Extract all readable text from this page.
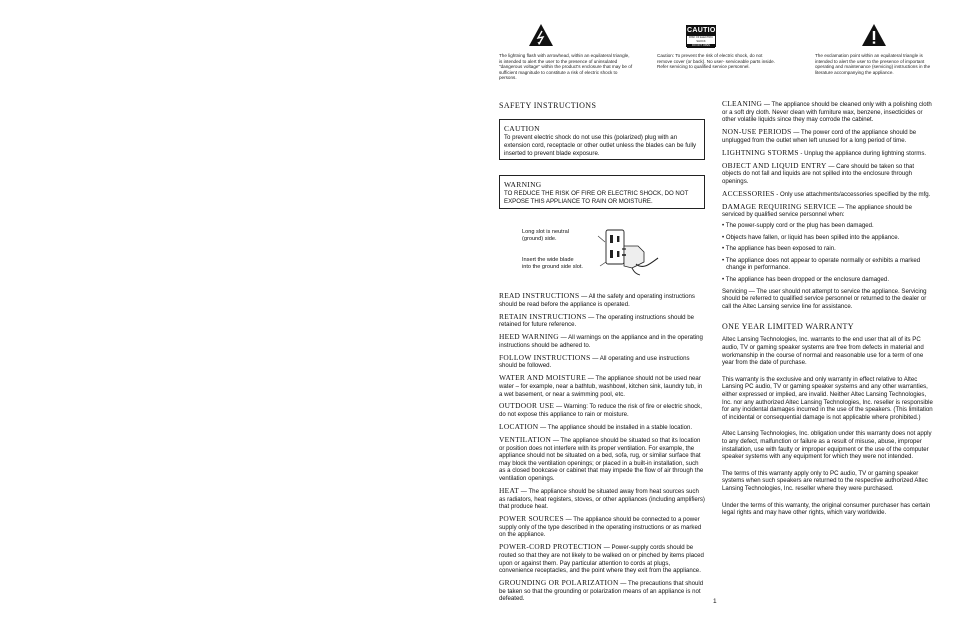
The lightning flash with arrowhead, within an equilateral triangle, is intended to alert the user to the presence of uninsulated "dangerous voltage" within the product's enclosure that may be of sufficient magnitude to constitute a risk of electric shock to persons.
CAUTION
RISK OF ELECTRIC SHOCK
DO NOT OPEN
Caution: To prevent the risk of electric shock, do not remove cover (or back). No user- serviceable parts inside. Refer servicing to qualified service personnel.
The exclamation point within an equilateral triangle is intended to alert the user to the presence of important operating and maintenance (servicing) instructions in the literature accompanying the appliance.
SAFETY INSTRUCTIONS
CAUTION
To prevent electric shock do not use this (polarized) plug with an extension cord, receptacle or other outlet unless the blades can be fully inserted to prevent blade exposure.
WARNING
TO REDUCE THE RISK OF FIRE OR ELECTRIC SHOCK, DO NOT EXPOSE THIS APPLIANCE TO RAIN OR MOISTURE.
Long slot is neutral
(ground) side.
Insert the wide blade
into the ground side slot.

READ INSTRUCTIONS — All the safety and operating instructions should be read before the appliance is operated.

RETAIN INSTRUCTIONS — The operating instructions should be retained for future reference.

HEED WARNING — All warnings on the appliance and in the operating instructions should be adhered to.

FOLLOW INSTRUCTIONS — All operating and use instructions should be followed.

WATER AND MOISTURE — The appliance should not be used near water – for example, near a bathtub, washbowl, kitchen sink, laundry tub, in a wet basement, or near a swimming pool, etc.

OUTDOOR USE — Warning: To reduce the risk of fire or electric shock, do not expose this appliance to rain or moisture.

LOCATION — The appliance should be installed in a stable location.

VENTILATION — The appliance should be situated so that its location or position does not interfere with its proper ventilation. For example, the appliance should not be situated on a bed, sofa, rug, or similar surface that may block the ventilation openings; or placed in a built-in installation, such as a closed bookcase or cabinet that may impede the flow of air through the ventilation openings.

HEAT — The appliance should be situated away from heat sources such as radiators, heat registers, stoves, or other appliances (including amplifiers) that produce heat.

POWER SOURCES — The appliance should be connected to a power supply only of the type described in the operating instructions or as marked on the appliance.

POWER-CORD PROTECTION — Power-supply cords should be routed so that they are not likely to be walked on or pinched by items placed upon or against them. Pay particular attention to cords at plugs, convenience receptacles, and the point where they exit from the appliance.

GROUNDING OR POLARIZATION — The precautions that should be taken so that the grounding or polarization means of an appliance is not defeated.

CLEANING — The appliance should be cleaned only with a polishing cloth or a soft dry cloth. Never clean with furniture wax, benzene, insecticides or other volatile liquids since they may corrode the cabinet.

NON-USE PERIODS — The power cord of the appliance should be unplugged from the outlet when left unused for a long period of time.

LIGHTNING STORMS - Unplug the appliance during lightning storms.

OBJECT AND LIQUID ENTRY — Care should be taken so that objects do not fall and liquids are not spilled into the enclosure through openings.

ACCESSORIES - Only use attachments/accessories specified by the mfg.

DAMAGE REQUIRING SERVICE — The appliance should be serviced by qualified service personnel when:

• The power-supply cord or the plug has been damaged.
• Objects have fallen, or liquid has been spilled into the appliance.
• The appliance has been exposed to rain.
• The appliance does not appear to operate normally or exhibits a marked change in performance.
• The appliance has been dropped or the enclosure damaged.

Servicing — The user should not attempt to service the appliance. Servicing should be referred to qualified service personnel or returned to the dealer or call the Altec Lansing service line for assistance.

ONE YEAR LIMITED WARRANTY

Altec Lansing Technologies, Inc. warrants to the end user that all of its PC audio, TV or gaming speaker systems are free from defects in material and workmanship in the course of normal and reasonable use for a term of one year from the date of purchase.

This warranty is the exclusive and only warranty in effect relative to Altec Lansing PC audio, TV or gaming speaker systems and any other warranties, either expressed or implied, are invalid. Neither Altec Lansing Technologies, Inc. nor any authorized Altec Lansing Technologies, Inc. reseller is responsible for any incidental damages incurred in the use of the speakers. (This limitation of incidental or consequential damage is not applicable where prohibited.)

Altec Lansing Technologies, Inc. obligation under this warranty does not apply to any defect, malfunction or failure as a result of misuse, abuse, improper installation, use with faulty or improper equipment or the use of the computer speaker systems with any equipment for which they were not intended.

The terms of this warranty apply only to PC audio, TV or gaming speaker systems when such speakers are returned to the respective authorized Altec Lansing Technologies, Inc. reseller where they were purchased.

Under the terms of this warranty, the original consumer purchaser has certain legal rights and may have other rights, which vary worldwide.

1
